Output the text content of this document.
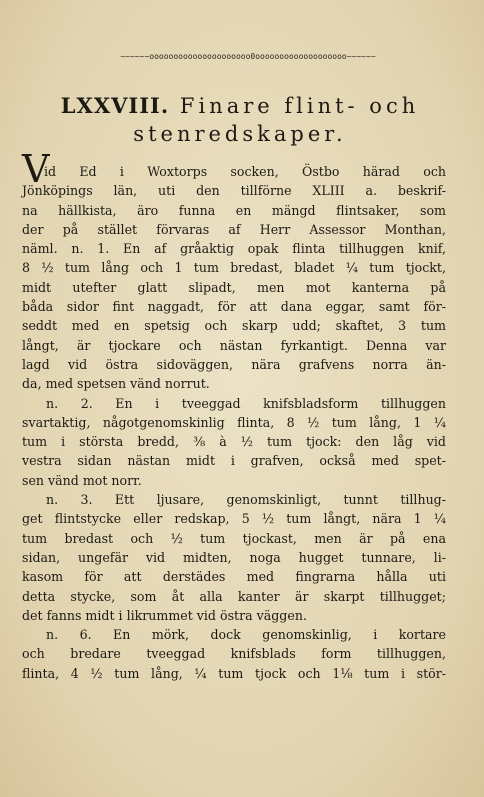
~~~~~~ooooooooooooooooooooo0ooooooooooooooooooo~~~~~~
LXXVIII. Finare flint- och
stenredskaper.
V
id Ed i Woxtorps socken, Östbo härad och
Jönköpings län, uti den tillförne XLIII a. beskrif-
na hällkista, äro funna en mängd flintsaker, som
der på stället förvaras af Herr Assessor Monthan,
näml. n. 1. En af gråaktig opak flinta tillhuggen knif,
8 ½ tum lång och 1 tum bredast, bladet ¼ tum tjockt,
midt utefter glatt slipadt, men mot kanterna på
båda sidor fint naggadt, för att dana eggar, samt för-
seddt med en spetsig och skarp udd; skaftet, 3 tum
långt, är tjockare och nästan fyrkantigt. Denna var
lagd vid östra sidoväggen, nära grafvens norra än-
da, med spetsen vänd norrut.
n. 2. En i tveeggad knifsbladsform tillhuggen
svartaktig, någotgenomskinlig flinta, 8 ½ tum lång, 1 ¼
tum i största bredd, ⅜ à ½ tum tjock: den låg vid
vestra sidan nästan midt i grafven, också med spet-
sen vänd mot norr.
n. 3. Ett ljusare, genomskinligt, tunnt tillhug-
get flintstycke eller redskap, 5 ½ tum långt, nära 1 ¼
tum bredast och ½ tum tjockast, men är på ena
sidan, ungefär vid midten, noga hugget tunnare, li-
kasom för att derstädes med fingrarna hålla uti
detta stycke, som åt alla kanter är skarpt tillhugget;
det fanns midt i likrummet vid östra väggen.
n. 6. En mörk, dock genomskinlig, i kortare
och bredare tveeggad knifsblads form tillhuggen,
flinta, 4 ½ tum lång, ¼ tum tjock och 1⅛ tum i stör-
